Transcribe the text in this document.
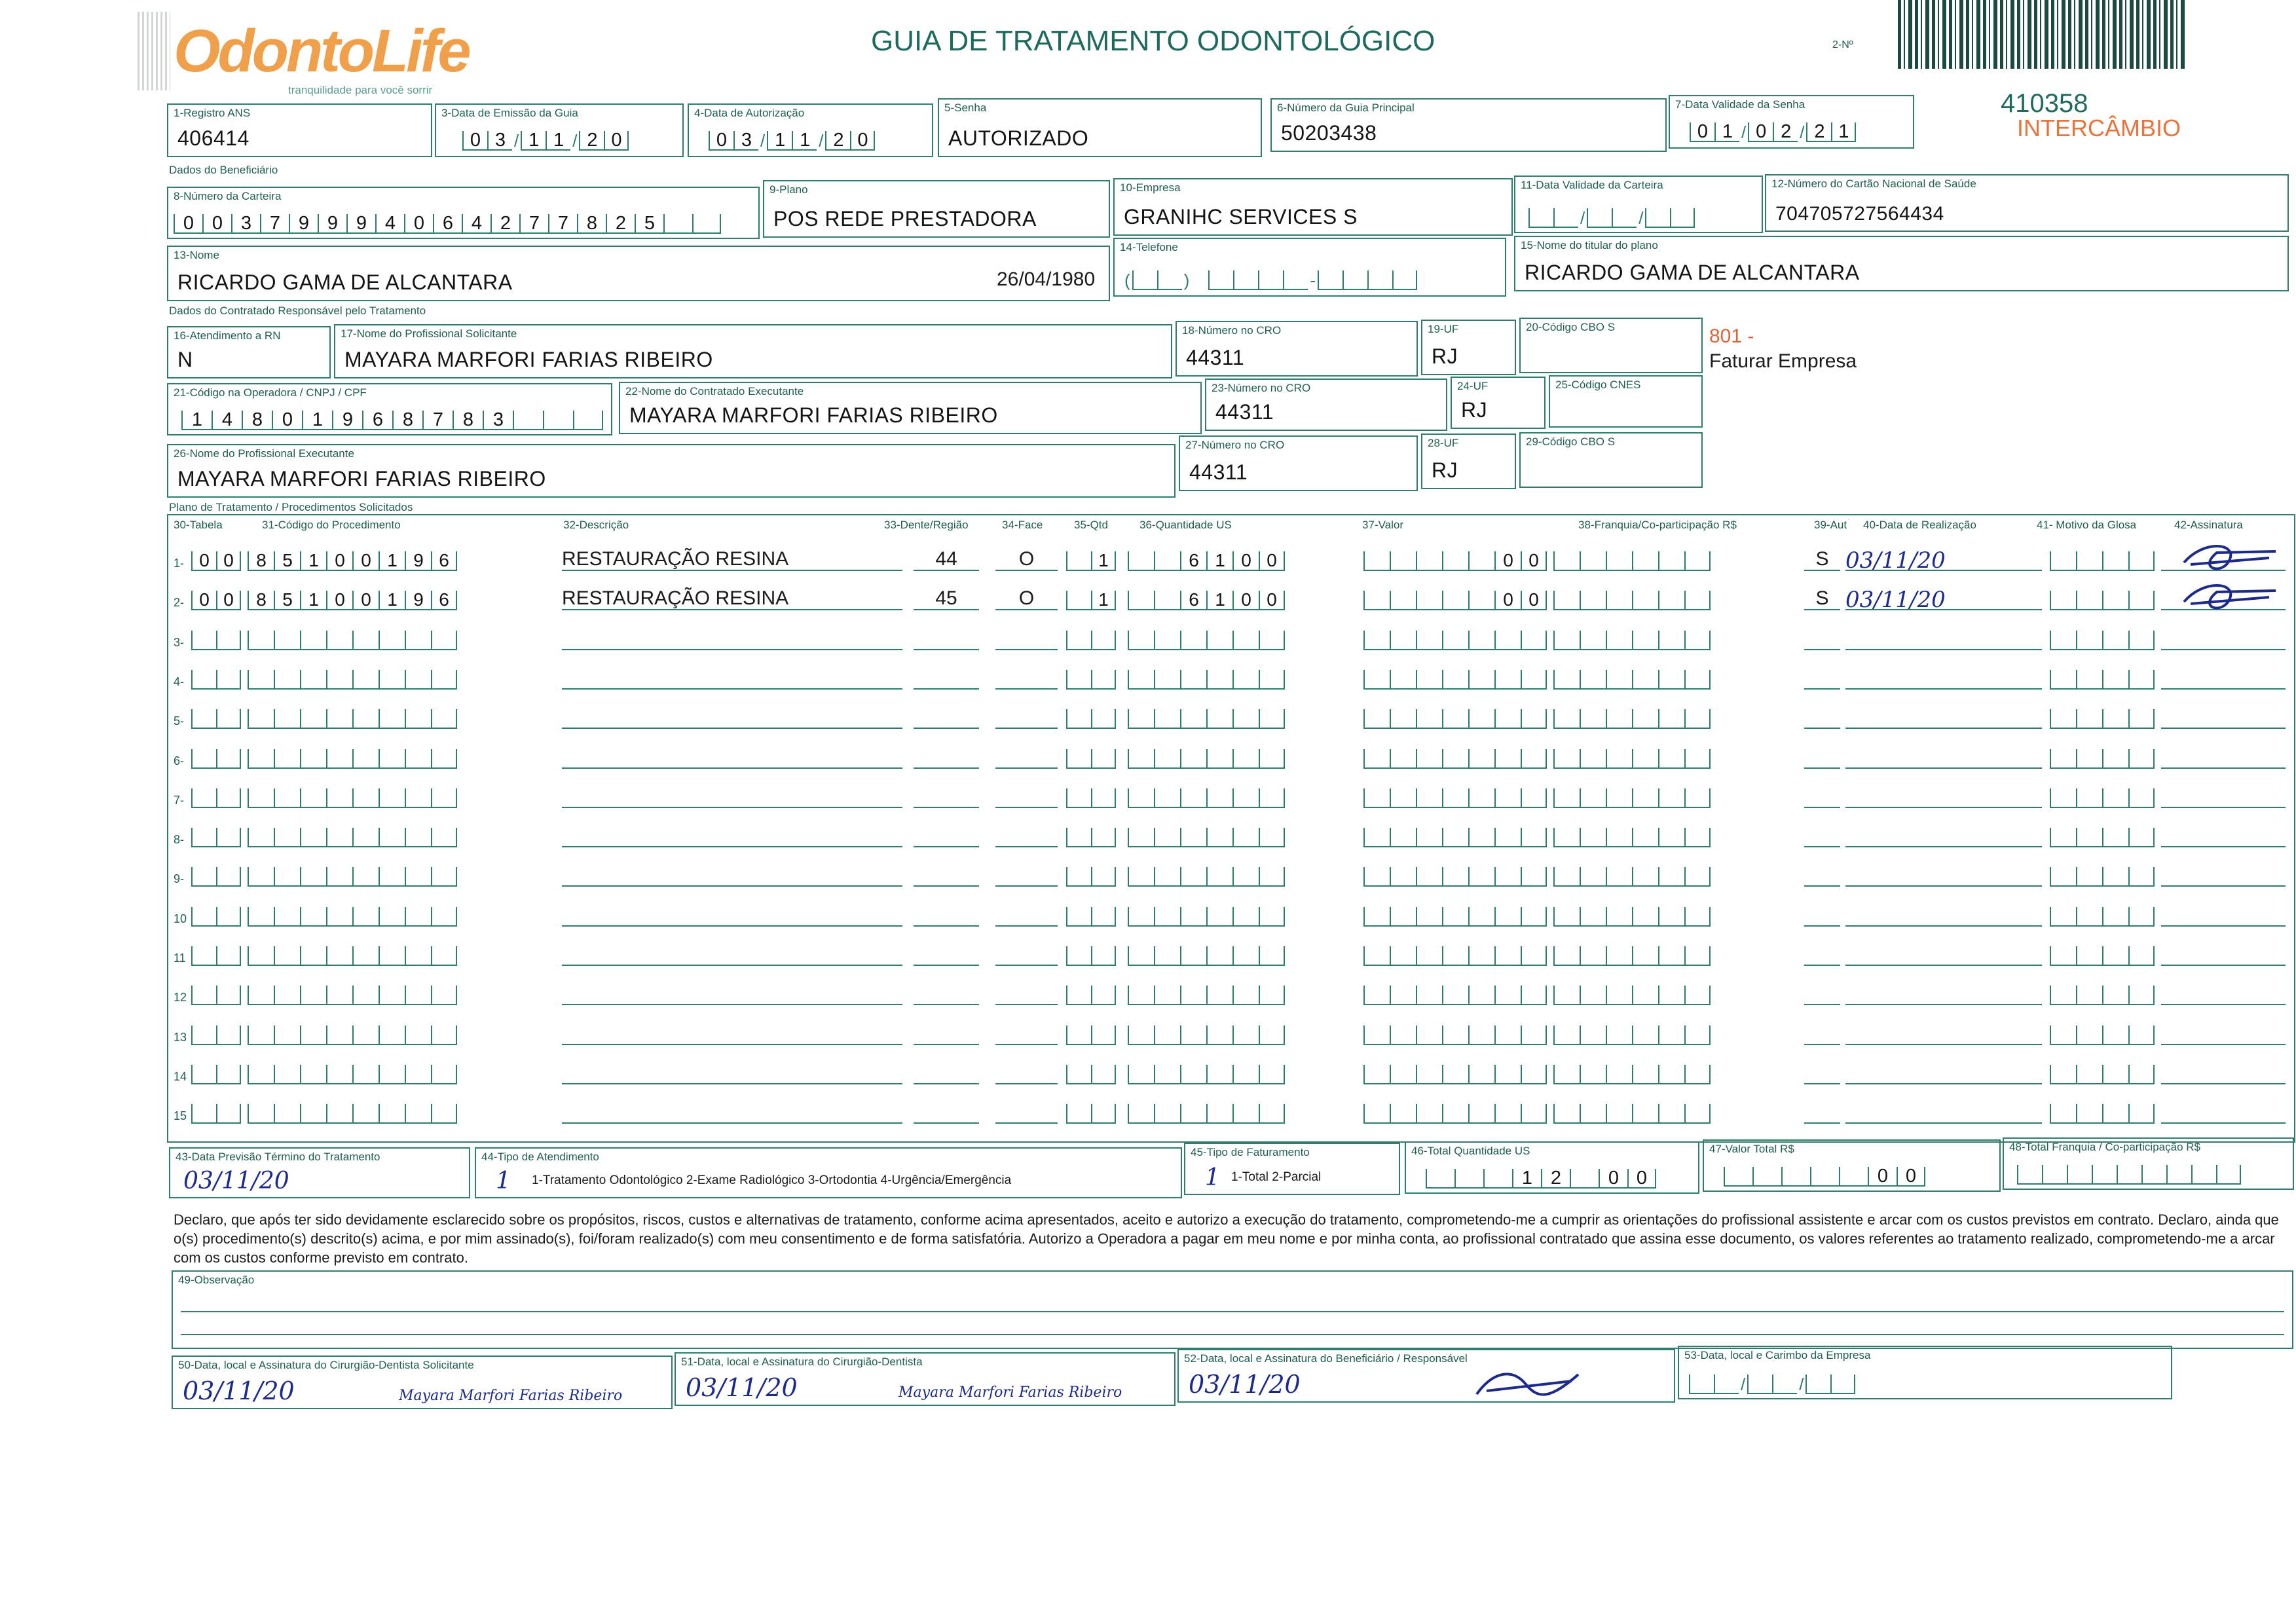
OdontoLife
tranquilidade para você sorrir
GUIA DE TRATAMENTO ODONTOLÓGICO	2-Nº
410358
INTERCÂMBIO
1-Registro ANS
406414
3-Data de Emissão da Guia
0 3 / 1 1 / 2 0
4-Data de Autorização
0 3 / 1 1 / 2 0
5-Senha
AUTORIZADO
6-Número da Guia Principal
50203438
7-Data Validade da Senha
0 1 / 0 2 / 2 1
Dados do Beneficiário
8-Número da Carteira
0 0 3 7 9 9 9 4 0 6 4 2 7 7 8 2 5
9-Plano
POS REDE PRESTADORA
10-Empresa
GRANIHC SERVICES S
11-Data Validade da Carteira
/	/
12-Número do Cartão Nacional de Saúde
704705727564434
13-Nome
RICARDO GAMA DE ALCANTARA	26/04/1980
14-Telefone
(	)	-
15-Nome do titular do plano
RICARDO GAMA DE ALCANTARA
Dados do Contratado Responsável pelo Tratamento
16-Atendimento a RN
N
17-Nome do Profissional Solicitante
MAYARA MARFORI FARIAS RIBEIRO
18-Número no CRO
44311
19-UF
RJ
20-Código CBO S	801 -
Faturar Empresa
21-Código na Operadora / CNPJ / CPF
1	4	8	0	1	9	6	8	7	8	3
22-Nome do Contratado Executante
MAYARA MARFORI FARIAS RIBEIRO
23-Número no CRO
44311
24-UF
RJ
25-Código CNES
26-Nome do Profissional Executante
MAYARA MARFORI FARIAS RIBEIRO
27-Número no CRO
44311
28-UF
RJ
29-Código CBO S
Plano de Tratamento / Procedimentos Solicitados
30-Tabela	31-Código do Procedimento	32-Descrição	33-Dente/Região	34-Face	35-Qtd	36-Quantidade US	37-Valor	38-Franquia/Co-participação R$	39-Aut 40-Data de Realização	41- Motivo da Glosa	42-Assinatura
1- 0 0	8 5 1 0 0 1 9 6	RESTAURAÇÃO RESINA	44	O	1	6 1 0 0	0 0	S 03/11/20
2- 0 0	8 5 1 0 0 1 9 6	RESTAURAÇÃO RESINA	45	O	1	6 1 0 0	0 0	S 03/11/20
3-
4-
5-
6-
7-
8-
9-
10
11
12
13
14
15
43-Data Previsão Término do Tratamento
03/11/20
44-Tipo de Atendimento
1 1-Tratamento Odontológico 2-Exame Radiológico 3-Ortodontia 4-Urgência/Emergência
45-Tipo de Faturamento
1 1-Total 2-Parcial
46-Total Quantidade US
1 2	0 0
47-Valor Total R$
0 0
48-Total Franquia / Co-participação R$
Declaro, que após ter sido devidamente esclarecido sobre os propósitos, riscos, custos e alternativas de tratamento, conforme acima apresentados, aceito e autorizo a execução do tratamento, comprometendo-me a cumprir as orientações do profissional assistente e arcar com os custos previstos em contrato. Declaro, ainda que o(s) procedimento(s) descrito(s) acima, e por mim assinado(s), foi/foram realizado(s) com meu consentimento e de forma satisfatória. Autorizo a Operadora a pagar em meu nome e por minha conta, ao profissional contratado que assina esse documento, os valores referentes ao tratamento realizado, comprometendo-me a arcar com os custos conforme previsto em contrato.
49-Observação
50-Data, local e Assinatura do Cirurgião-Dentista Solicitante
03/11/20	Mayara Marfori Farias Ribeiro
51-Data, local e Assinatura do Cirurgião-Dentista
03/11/20	Mayara Marfori Farias Ribeiro
52-Data, local e Assinatura do Beneficiário / Responsável
03/11/20
53-Data, local e Carimbo da Empresa
/	/
